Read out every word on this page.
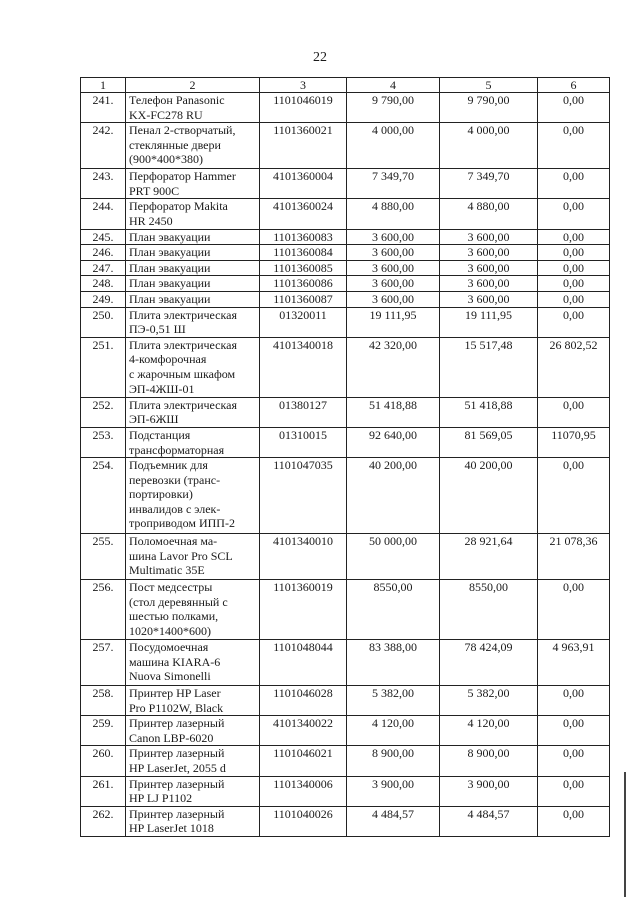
22
1	2	3	4	5	6
241.	Телефон Panasonic
KX-FC278 RU	1101046019	9 790,00	9 790,00	0,00
242.	Пенал 2-створчатый,
стеклянные двери
(900*400*380)	1101360021	4 000,00	4 000,00	0,00
243.	Перфоратор Hammer
PRT 900C	4101360004	7 349,70	7 349,70	0,00
244.	Перфоратор Makita
HR 2450	4101360024	4 880,00	4 880,00	0,00
245.	План эвакуации	1101360083	3 600,00	3 600,00	0,00
246.	План эвакуации	1101360084	3 600,00	3 600,00	0,00
247.	План эвакуации	1101360085	3 600,00	3 600,00	0,00
248.	План эвакуации	1101360086	3 600,00	3 600,00	0,00
249.	План эвакуации	1101360087	3 600,00	3 600,00	0,00
250.	Плита электрическая
ПЭ-0,51 Ш	01320011	19 111,95	19 111,95	0,00
251.	Плита электрическая
4-комфорочная
с жарочным шкафом
ЭП-4ЖШ-01	4101340018	42 320,00	15 517,48	26 802,52
252.	Плита электрическая
ЭП-6ЖШ	01380127	51 418,88	51 418,88	0,00
253.	Подстанция
трансформаторная	01310015	92 640,00	81 569,05	11070,95
254.	Подъемник для
перевозки (транс-
портировки)
инвалидов с элек-
троприводом ИПП-2	1101047035	40 200,00	40 200,00	0,00
255.	Поломоечная ма-
шина Lavor Pro SCL
Multimatic 35E	4101340010	50 000,00	28 921,64	21 078,36
256.	Пост медсестры
(стол деревянный с
шестью полками,
1020*1400*600)	1101360019	8550,00	8550,00	0,00
257.	Посудомоечная
машина KIARA-6
Nuova Simonelli	1101048044	83 388,00	78 424,09	4 963,91
258.	Принтер HP Laser
Pro P1102W, Black	1101046028	5 382,00	5 382,00	0,00
259.	Принтер лазерный
Canon LBP-6020	4101340022	4 120,00	4 120,00	0,00
260.	Принтер лазерный
HP LaserJet, 2055 d	1101046021	8 900,00	8 900,00	0,00
261.	Принтер лазерный
HP LJ P1102	1101340006	3 900,00	3 900,00	0,00
262.	Принтер лазерный
HP LaserJet 1018	1101040026	4 484,57	4 484,57	0,00
